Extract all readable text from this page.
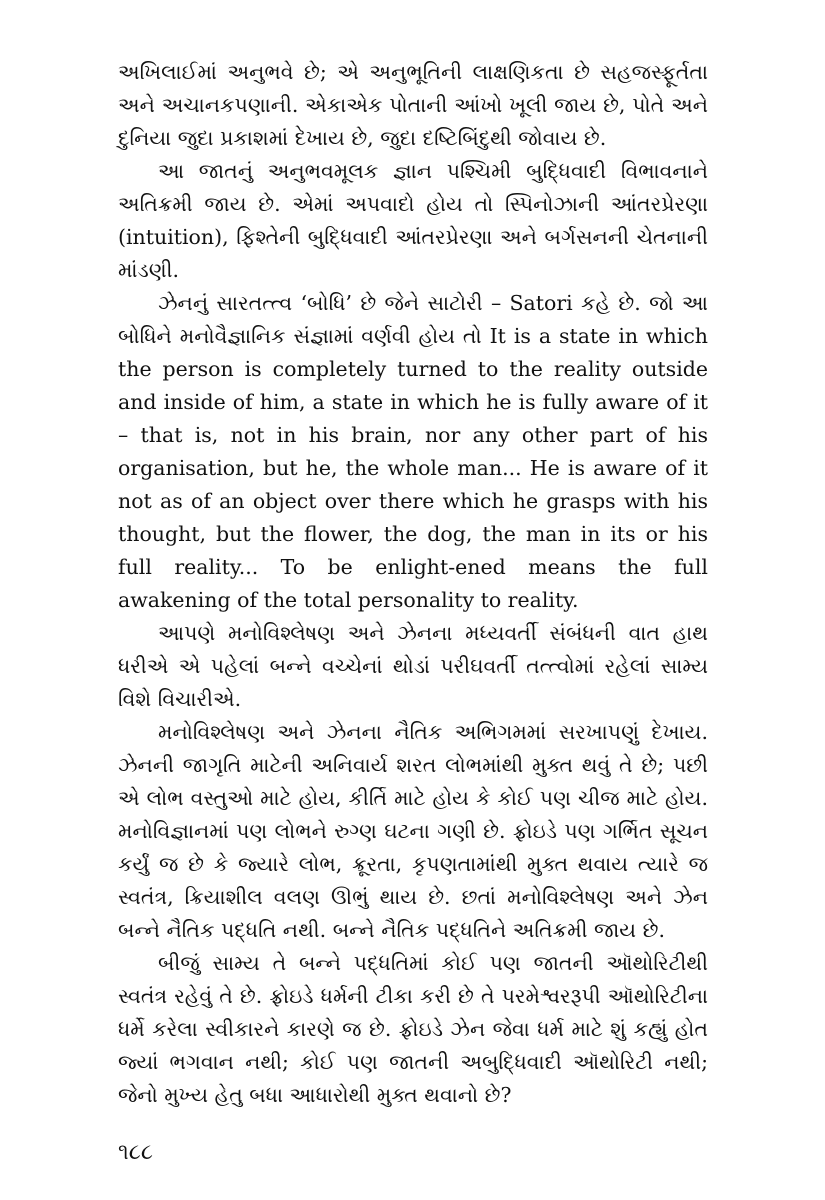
અખિલાઈમાં અનુભવે છે; એ અનુભૂતિની લાક્ષણિકતા છે સહજસ્ફૂર્તતા અને અચાનકપણાની. એકાએક પોતાની આંખો ખૂલી જાય છે, પોતે અને દુનિયા જુદા પ્રકાશમાં દેખાય છે, જુદા દષ્ટિબિંદુથી જોવાય છે.

આ જાતનું અનુભવમૂલક જ્ઞાન પશ્ચિમી બુદ્ધિવાદી વિભાવનાને અતિક્રમી જાય છે. એમાં અપવાદો હોય તો સ્પિનોઝાની આંતરપ્રેરણા (intuition), ફિશ્તેની બુદ્ધિવાદી આંતરપ્રેરણા અને બર્ગસનની ચેતનાની માંડણી.

ઝેનનું સારતત્ત્વ ‘બોધિ’ છે જેને સાટોરી – Satori કહે છે. જો આ બોધિને મનોવૈજ્ઞાનિક સંજ્ઞામાં વર્ણવી હોય તો It is a state in which the person is completely turned to the reality outside and inside of him, a state in which he is fully aware of it – that is, not in his brain, nor any other part of his organisation, but he, the whole man... He is aware of it not as of an object over there which he grasps with his thought, but the flower, the dog, the man in its or his full reality... To be enlight-ened means the full awakening of the total personality to reality.

આપણે મનોવિશ્લેષણ અને ઝેનના મધ્યવર્તી સંબંધની વાત હાથ ધરીએ એ પહેલાં બન્ને વચ્ચેનાં થોડાં પરીઘવર્તી તત્ત્વોમાં રહેલાં સામ્ય વિશે વિચારીએ.

મનોવિશ્લેષણ અને ઝેનના નૈતિક અભિગમમાં સરખાપણું દેખાય. ઝેનની જાગૃતિ માટેની અનિવાર્ય શરત લોભમાંથી મુક્ત થવું તે છે; પછી એ લોભ વસ્તુઓ માટે હોય, કીર્તિ માટે હોય કે કોઈ પણ ચીજ માટે હોય. મનોવિજ્ઞાનમાં પણ લોભને રુગ્ણ ઘટના ગણી છે. ફ્રોઇડે પણ ગર્ભિત સૂચન કર્યું જ છે કે જ્યારે લોભ, ક્રૂરતા, કૃપણતામાંથી મુક્ત થવાય ત્યારે જ સ્વતંત્ર, ક્રિયાશીલ વલણ ઊભું થાય છે. છતાં મનોવિશ્લેષણ અને ઝેન બન્ને નૈતિક પદ્ધતિ નથી. બન્ને નૈતિક પદ્ધતિને અતિક્રમી જાય છે.

બીજું સામ્ય તે બન્ને પદ્ધતિમાં કોઈ પણ જાતની ઑથોરિટીથી સ્વતંત્ર રહેવું તે છે. ફ્રોઇડે ધર્મની ટીકા કરી છે તે પરમેશ્વરરૂપી ઑથોરિટીના ધર્મે કરેલા સ્વીકારને કારણે જ છે. ફ્રોઇડે ઝેન જેવા ધર્મ માટે શું કહ્યું હોત જ્યાં ભગવાન નથી; કોઈ પણ જાતની અબુદ્ધિવાદી ઑથોરિટી નથી; જેનો મુખ્ય હેતુ બધા આધારોથી મુક્ત થવાનો છે?

૧૮૮
